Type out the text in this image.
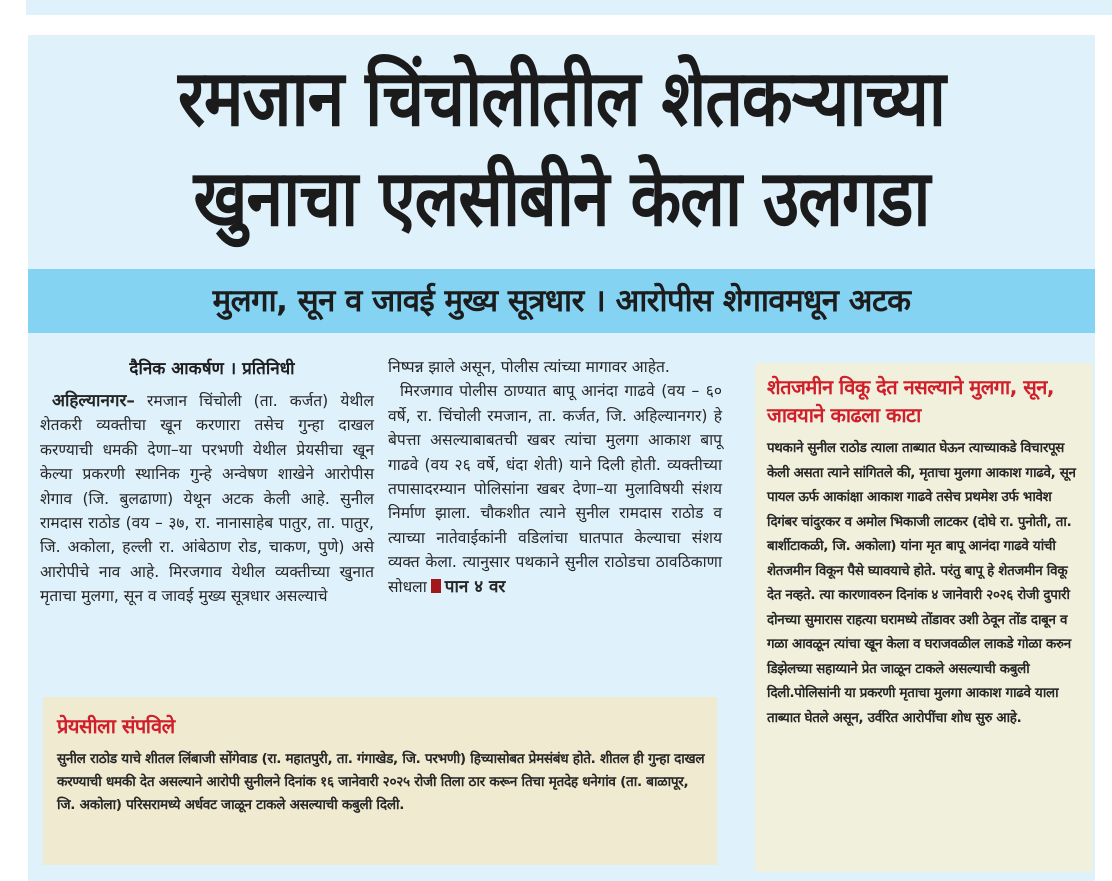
रमजान चिंचोलीतील शेतकऱ्याच्या
खुनाचा एलसीबीने केला उलगडा
मुलगा, सून व जावई मुख्य सूत्रधार । आरोपीस शेगावमधून अटक
दैनिक आकर्षण । प्रतिनिधी
अहिल्यानगर– रमजान चिंचोली (ता. कर्जत) येथील शेतकरी व्यक्तीचा खून करणारा तसेच गुन्हा दाखल करण्याची धमकी देणा–या परभणी येथील प्रेयसीचा खून केल्या प्रकरणी स्थानिक गुन्हे अन्वेषण शाखेने आरोपीस शेगाव (जि. बुलढाणा) येथून अटक केली आहे. सुनील रामदास राठोड (वय – ३७, रा. नानासाहेब पातुर, ता. पातुर, जि. अकोला, हल्ली रा. आंबेठाण रोड, चाकण, पुणे) असे आरोपीचे नाव आहे. मिरजगाव येथील व्यक्तीच्या खुनात मृताचा मुलगा, सून व जावई मुख्य सूत्रधार असल्याचे
निष्पन्न झाले असून, पोलीस त्यांच्या मागावर आहेत.
मिरजगाव पोलीस ठाण्यात बापू आनंदा गाढवे (वय – ६० वर्षे, रा. चिंचोली रमजान, ता. कर्जत, जि. अहिल्यानगर) हे बेपत्ता असल्याबाबतची खबर त्यांचा मुलगा आकाश बापू गाढवे (वय २६ वर्षे, धंदा शेती) याने दिली होती. व्यक्तीच्या तपासादरम्यान पोलिसांना खबर देणा–या मुलाविषयी संशय निर्माण झाला. चौकशीत त्याने सुनील रामदास राठोड व त्याच्या नातेवाईकांनी वडिलांचा घातपात केल्याचा संशय व्यक्त केला. त्यानुसार पथकाने सुनील राठोडचा ठावठिकाणा सोधला पान ४ वर
शेतजमीन विकू देत नसल्याने मुलगा, सून, जावयाने काढला काटा
पथकाने सुनील राठोड त्याला ताब्यात घेऊन त्याच्याकडे विचारपूस केली असता त्याने सांगितले की, मृताचा मुलगा आकाश गाढवे, सून पायल ऊर्फ आकांक्षा आकाश गाढवे तसेच प्रथमेश उर्फ भावेश दिगंबर चांदुरकर व अमोल भिकाजी लाटकर (दोघे रा. पुनोती, ता. बार्शीटाकळी, जि. अकोला) यांना मृत बापू आनंदा गाढवे यांची शेतजमीन विकून पैसे घ्यावयाचे होते. परंतु बापू हे शेतजमीन विकू देत नव्हते. त्या कारणावरुन दिनांक ४ जानेवारी २०२६ रोजी दुपारी दोनच्या सुमारास राहत्या घरामध्ये तोंडावर उशी ठेवून तोंड दाबून व गळा आवळून त्यांचा खून केला व घराजवळील लाकडे गोळा करुन डिझेलच्या सहाय्याने प्रेत जाळून टाकले असल्याची कबुली दिली.पोलिसांनी या प्रकरणी मृताचा मुलगा आकाश गाढवे याला ताब्यात घेतले असून, उर्वरित आरोपींचा शोध सुरु आहे.
प्रेयसीला संपविले
सुनील राठोड याचे शीतल लिंबाजी सोंगेवाड (रा. महातपुरी, ता. गंगाखेड, जि. परभणी) हिच्यासोबत प्रेमसंबंध होते. शीतल ही गुन्हा दाखल करण्याची धमकी देत असल्याने आरोपी सुनीलने दिनांक १६ जानेवारी २०२५ रोजी तिला ठार करून तिचा मृतदेह धनेगांव (ता. बाळापूर, जि. अकोला) परिसरामध्ये अर्धवट जाळून टाकले असल्याची कबुली दिली.
